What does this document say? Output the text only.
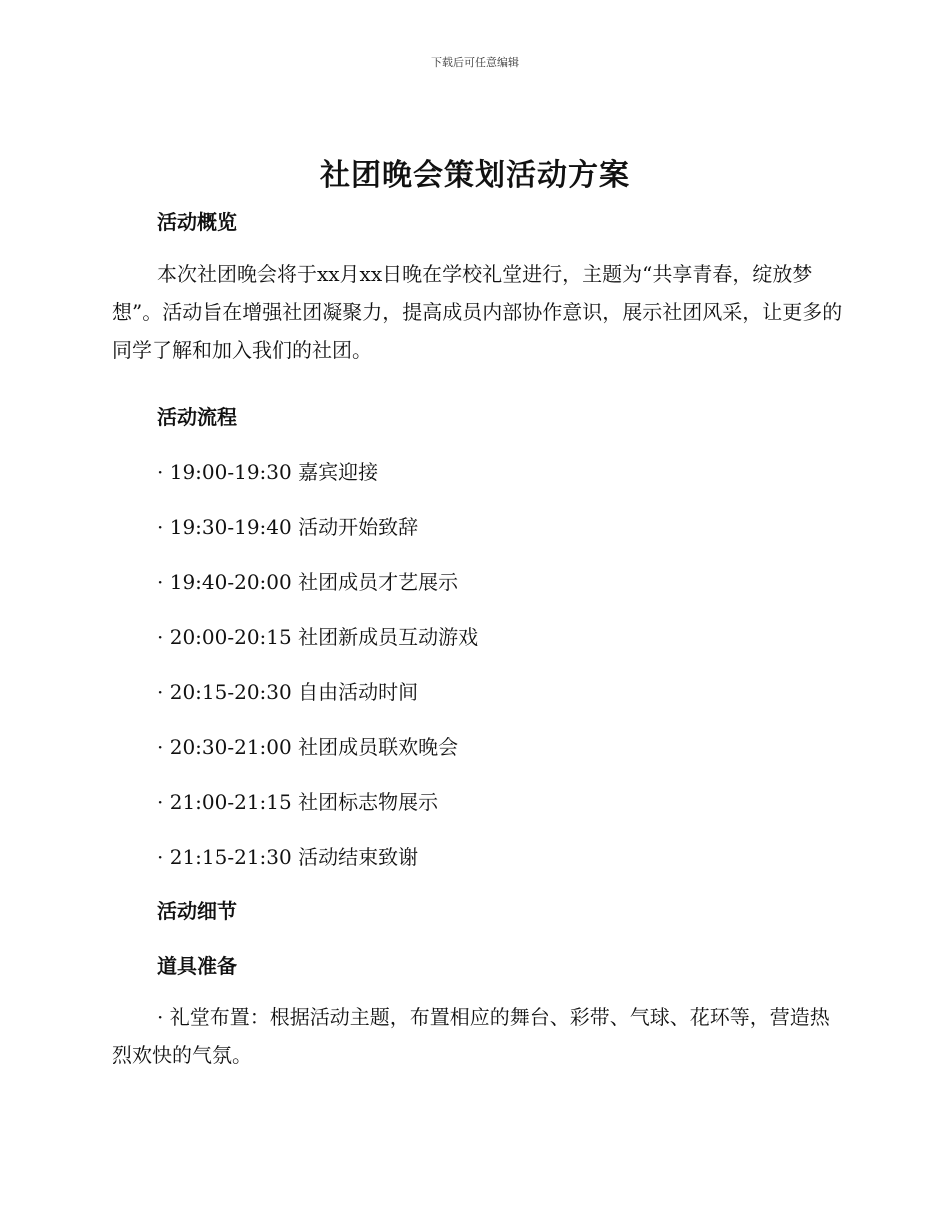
下载后可任意编辑
社团晚会策划活动方案
活动概览

本次社团晚会将于xx月xx日晚在学校礼堂进行，主题为“共享青春，绽放梦想”。活动旨在增强社团凝聚力，提高成员内部协作意识，展示社团风采，让更多的同学了解和加入我们的社团。

活动流程

· 19:00-19:30 嘉宾迎接

· 19:30-19:40 活动开始致辞

· 19:40-20:00 社团成员才艺展示

· 20:00-20:15 社团新成员互动游戏

· 20:15-20:30 自由活动时间

· 20:30-21:00 社团成员联欢晚会

· 21:00-21:15 社团标志物展示

· 21:15-21:30 活动结束致谢

活动细节
道具准备

· 礼堂布置：根据活动主题，布置相应的舞台、彩带、气球、花环等，营造热烈欢快的气氛。
